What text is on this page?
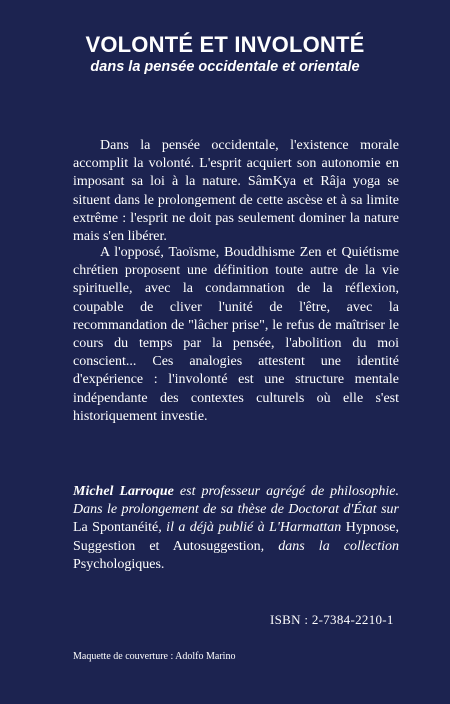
VOLONTÉ ET INVOLONTÉ
dans la pensée occidentale et orientale

Dans la pensée occidentale, l'existence morale accomplit la volonté. L'esprit acquiert son autonomie en imposant sa loi à la nature. SâmKya et Râja yoga se situent dans le prolongement de cette ascèse et à sa limite extrême : l'esprit ne doit pas seulement dominer la nature mais s'en libérer.

A l'opposé, Taoïsme, Bouddhisme Zen et Quiétisme chrétien proposent une définition toute autre de la vie spirituelle, avec la condamnation de la réflexion, coupable de cliver l'unité de l'être, avec la recommandation de "lâcher prise", le refus de maîtriser le cours du temps par la pensée, l'abolition du moi conscient... Ces analogies attestent une identité d'expérience : l'involonté est une structure mentale indépendante des contextes culturels où elle s'est historiquement investie.

Michel Larroque est professeur agrégé de philosophie. Dans le prolongement de sa thèse de Doctorat d'État sur La Spontanéité, il a déjà publié à L'Harmattan Hypnose, Suggestion et Autosuggestion, dans la collection Psychologiques.

ISBN : 2-7384-2210-1
Maquette de couverture : Adolfo Marino
